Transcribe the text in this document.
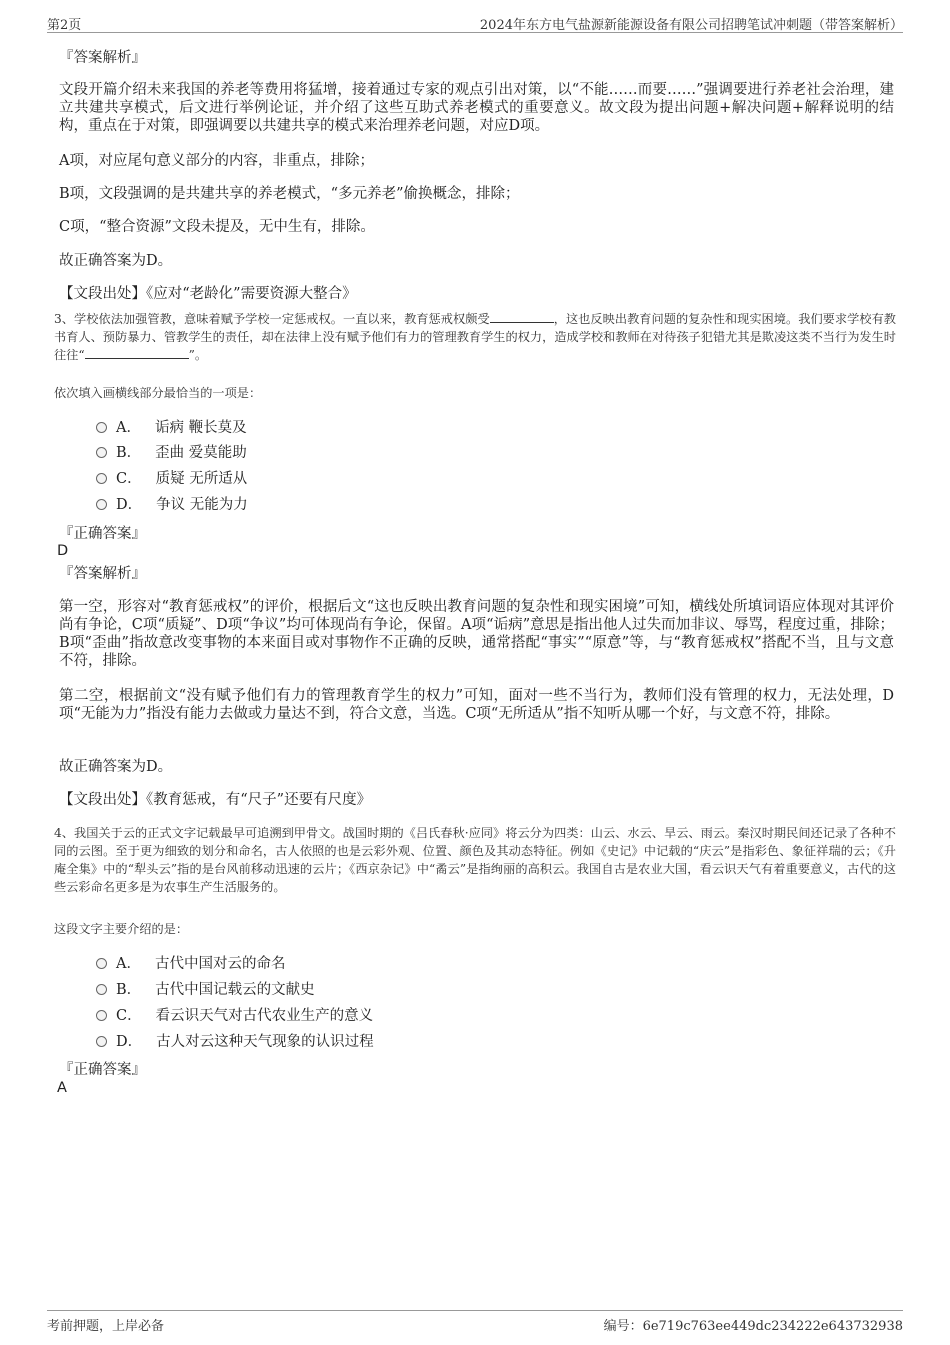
第2页	2024年东方电气盐源新能源设备有限公司招聘笔试冲刺题（带答案解析）
『答案解析』
文段开篇介绍未来我国的养老等费用将猛增，接着通过专家的观点引出对策，以“不能……而要……”强调要进行养老社会治理，建立共建共享模式，后文进行举例论证，并介绍了这些互助式养老模式的重要意义。故文段为提出问题+解决问题+解释说明的结构，重点在于对策，即强调要以共建共享的模式来治理养老问题，对应D项。
A项，对应尾句意义部分的内容，非重点，排除；
B项，文段强调的是共建共享的养老模式，“多元养老”偷换概念，排除；
C项，“整合资源”文段未提及，无中生有，排除。
故正确答案为D。
【文段出处】《应对“老龄化”需要资源大整合》
3、学校依法加强管教，意味着赋予学校一定惩戒权。一直以来，教育惩戒权颇受	，这也反映出教育问题的复杂性和现实困境。我们要求学校有教书育人、预防暴力、管教学生的责任，却在法律上没有赋予他们有力的管理教育学生的权力，造成学校和教师在对待孩子犯错尤其是欺凌这类不当行为发生时往往“	”。
依次填入画横线部分最恰当的一项是：
A． 诟病 鞭长莫及
B． 歪曲 爱莫能助
C． 质疑 无所适从
D． 争议 无能为力
『正确答案』
D
『答案解析』
第一空，形容对“教育惩戒权”的评价，根据后文“这也反映出教育问题的复杂性和现实困境”可知，横线处所填词语应体现对其评价尚有争论，C项“质疑”、D项“争议”均可体现尚有争论，保留。A项“诟病”意思是指出他人过失而加非议、辱骂，程度过重，排除；B项“歪曲”指故意改变事物的本来面目或对事物作不正确的反映，通常搭配“事实”“原意”等，与“教育惩戒权”搭配不当，且与文意不符，排除。
第二空，根据前文“没有赋予他们有力的管理教育学生的权力”可知，面对一些不当行为，教师们没有管理的权力，无法处理，D项“无能为力”指没有能力去做或力量达不到，符合文意，当选。C项“无所适从”指不知听从哪一个好，与文意不符，排除。
故正确答案为D。
【文段出处】《教育惩戒，有“尺子”还要有尺度》
4、我国关于云的正式文字记载最早可追溯到甲骨文。战国时期的《吕氏春秋·应同》将云分为四类：山云、水云、旱云、雨云。秦汉时期民间还记录了各种不同的云图。至于更为细致的划分和命名，古人依照的也是云彩外观、位置、颜色及其动态特征。例如《史记》中记载的“庆云”是指彩色、象征祥瑞的云；《升庵全集》中的“犁头云”指的是台风前移动迅速的云片；《西京杂记》中“矞云”是指绚丽的高积云。我国自古是农业大国，看云识天气有着重要意义，古代的这些云彩命名更多是为农事生产生活服务的。
这段文字主要介绍的是：
A． 古代中国对云的命名
B． 古代中国记载云的文献史
C． 看云识天气对古代农业生产的意义
D． 古人对云这种天气现象的认识过程
『正确答案』
A
考前押题，上岸必备	编号：6e719c763ee449dc234222e643732938
